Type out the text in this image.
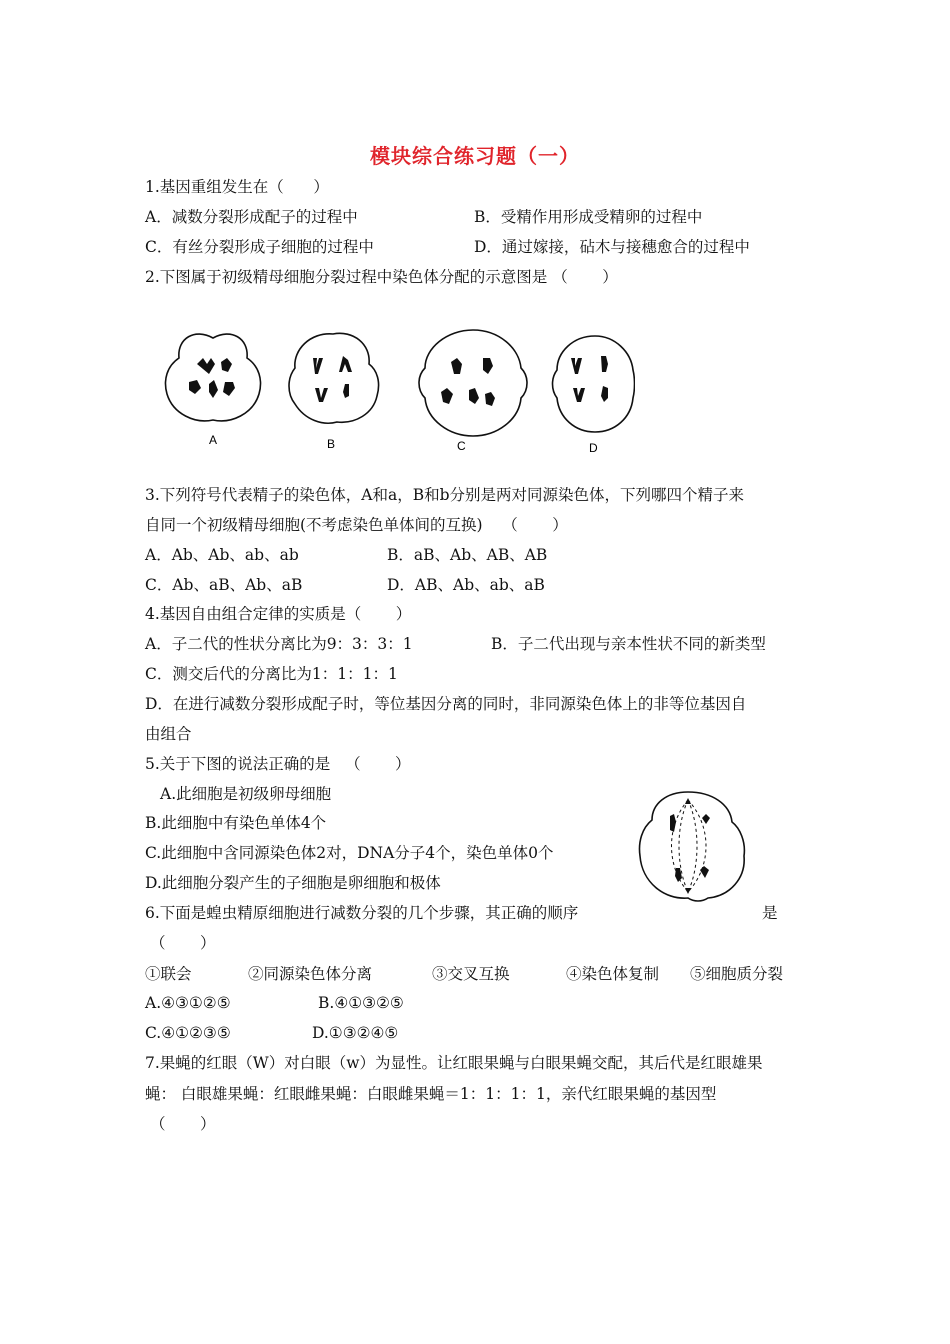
模块综合练习题（一）
1.基因重组发生在（      ）
A．减数分裂形成配子的过程中	B．受精作用形成受精卵的过程中
C．有丝分裂形成子细胞的过程中	D．通过嫁接，砧木与接穗愈合的过程中
2.下图属于初级精母细胞分裂过程中染色体分配的示意图是 （       ）
A	B	C	D
3.下列符号代表精子的染色体，A和a，B和b分别是两对同源染色体，下列哪四个精子来
自同一个初级精母细胞(不考虑染色单体间的互换)    （       ）
A．Ab、Ab、ab、ab	B．aB、Ab、AB、AB
C．Ab、aB、Ab、aB	D．AB、Ab、ab、aB
4.基因自由组合定律的实质是（       ）
A．子二代的性状分离比为9：3：3：1	B．子二代出现与亲本性状不同的新类型
C．测交后代的分离比为1：1：1：1
D．在进行减数分裂形成配子时，等位基因分离的同时，非同源染色体上的非等位基因自
由组合
5.关于下图的说法正确的是   （       ）
A.此细胞是初级卵母细胞
B.此细胞中有染色单体4个
C.此细胞中含同源染色体2对，DNA分子4个，染色单体0个
D.此细胞分裂产生的子细胞是卵细胞和极体
6.下面是蝗虫精原细胞进行减数分裂的几个步骤，其正确的顺序	是
（       ）
①联会	②同源染色体分离	③交叉互换	④染色体复制 ⑤细胞质分裂
A.④③①②⑤	B.④①③②⑤
C.④①②③⑤	D.①③②④⑤
7.果蝇的红眼（W）对白眼（w）为显性。让红眼果蝇与白眼果蝇交配，其后代是红眼雄果
蝇： 白眼雄果蝇：红眼雌果蝇：白眼雌果蝇＝1：1：1：1，亲代红眼果蝇的基因型
（       ）
